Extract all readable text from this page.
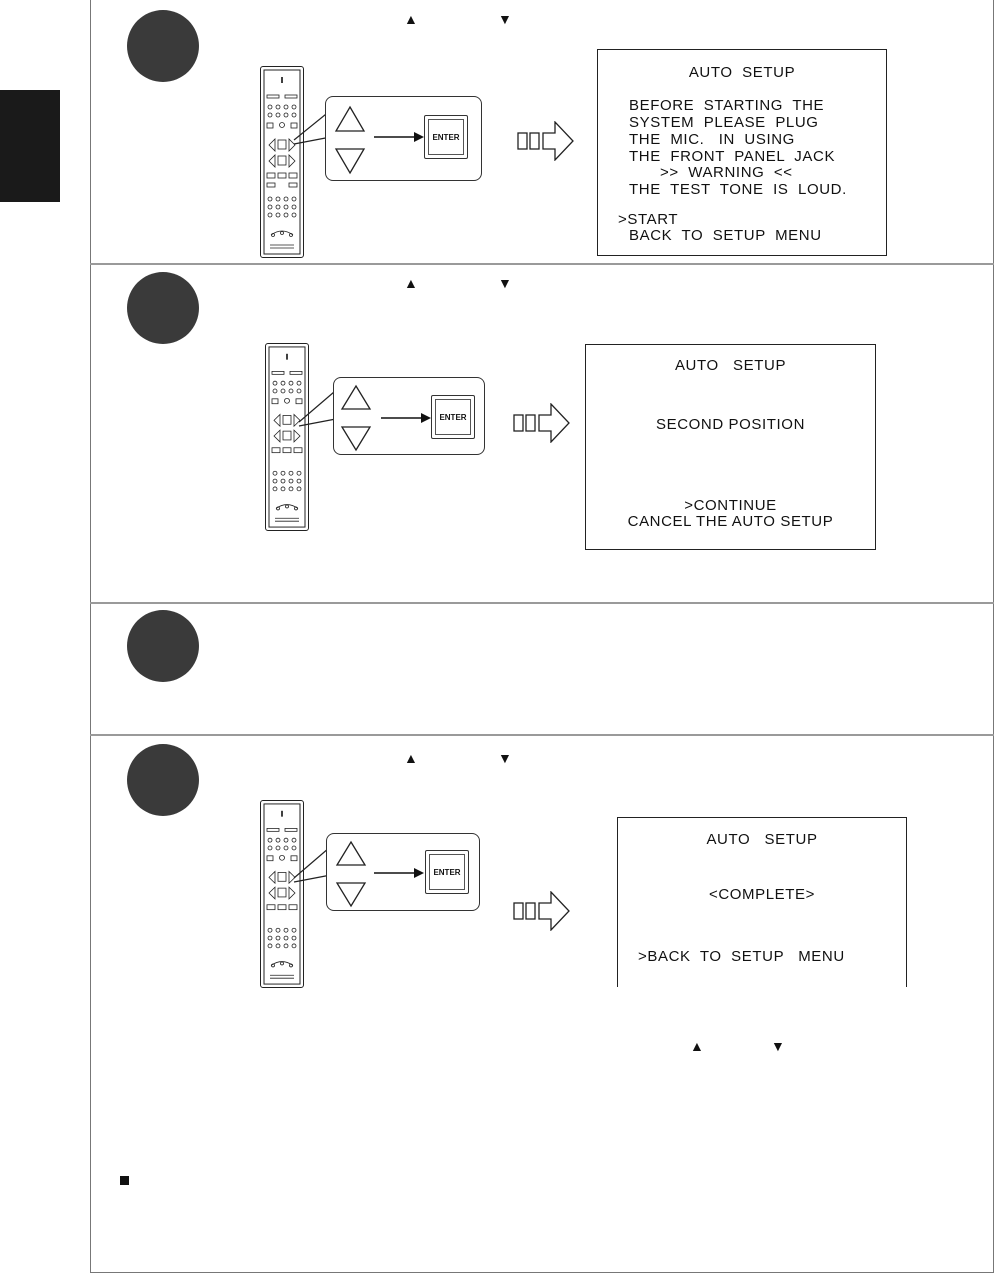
▲	▼
ENTER
AUTO  SETUP
BEFORE  STARTING  THE
SYSTEM  PLEASE  PLUG
THE  MIC.   IN  USING
THE  FRONT  PANEL  JACK
>>  WARNING  <<
THE  TEST  TONE  IS  LOUD.
>START
BACK  TO  SETUP  MENU
▲	▼
ENTER
AUTO   SETUP
SECOND POSITION
>CONTINUE
CANCEL THE AUTO SETUP
▲	▼
ENTER
AUTO   SETUP
<COMPLETE>
>BACK  TO  SETUP   MENU
▲	▼
